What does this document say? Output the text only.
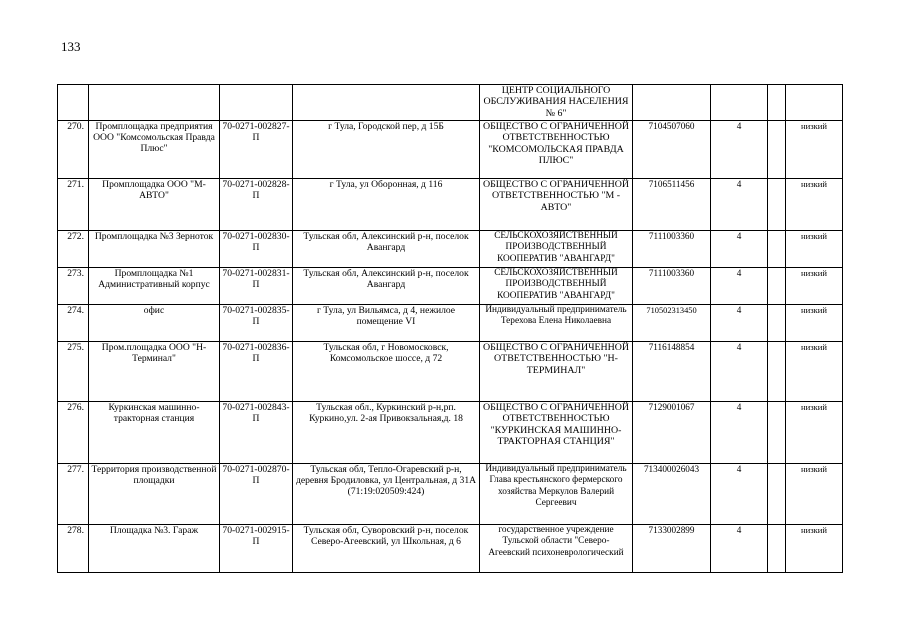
133
				ЦЕНТР СОЦИАЛЬНОГО ОБСЛУЖИВАНИЯ НАСЕЛЕНИЯ № 6"				
270.	Промплощадка предприятия ООО "Комсомольская Правда Плюс"	70-0271-002827-П	г Тула, Городской пер, д 15Б	ОБЩЕСТВО С ОГРАНИЧЕННОЙ ОТВЕТСТВЕННОСТЬЮ "КОМСОМОЛЬСКАЯ ПРАВДА ПЛЮС"	7104507060	4		низкий
271.	Промплощадка ООО "М-АВТО"	70-0271-002828-П	г Тула, ул Оборонная, д 116	ОБЩЕСТВО С ОГРАНИЧЕННОЙ ОТВЕТСТВЕННОСТЬЮ "М - АВТО"	7106511456	4		низкий
272.	Промплощадка №3 Зерноток	70-0271-002830-П	Тульская обл, Алексинский р-н, поселок Авангард	СЕЛЬСКОХОЗЯЙСТВЕННЫЙ ПРОИЗВОДСТВЕННЫЙ КООПЕРАТИВ "АВАНГАРД"	7111003360	4		низкий
273.	Промплощадка №1 Административный корпус	70-0271-002831-П	Тульская обл, Алексинский р-н, поселок Авангард	СЕЛЬСКОХОЗЯЙСТВЕННЫЙ ПРОИЗВОДСТВЕННЫЙ КООПЕРАТИВ "АВАНГАРД"	7111003360	4		низкий
274.	офис	70-0271-002835-П	г Тула, ул Вильямса, д 4, нежилое помещение VI	Индивидуальный предприниматель Терехова Елена Николаевна	710502313450	4		низкий
275.	Пром.площадка ООО "Н-Терминал"	70-0271-002836-П	Тульская обл, г Новомосковск, Комсомольское шоссе, д 72	ОБЩЕСТВО С ОГРАНИЧЕННОЙ ОТВЕТСТВЕННОСТЬЮ "Н-ТЕРМИНАЛ"	7116148854	4		низкий
276.	Куркинская машинно-тракторная станция	70-0271-002843-П	Тульская обл., Куркинский р-н,рп. Куркино,ул. 2-ая Привокзальная,д. 18	ОБЩЕСТВО С ОГРАНИЧЕННОЙ ОТВЕТСТВЕННОСТЬЮ "КУРКИНСКАЯ МАШИННО-ТРАКТОРНАЯ СТАНЦИЯ"	7129001067	4		низкий
277.	Территория производственной площадки	70-0271-002870-П	Тульская обл, Тепло-Огаревский р-н, деревня Бродиловка, ул Центральная, д 31А (71:19:020509:424)	Индивидуальный предприниматель Глава крестьянского фермерского хозяйства Меркулов Валерий Сергеевич	713400026043	4		низкий
278.	Площадка №3. Гараж	70-0271-002915-П	Тульская обл, Суворовский р-н, поселок Северо-Агеевский, ул Школьная, д 6	государственное учреждение Тульской области "Северо-Агеевский психоневрологический	7133002899	4		низкий
